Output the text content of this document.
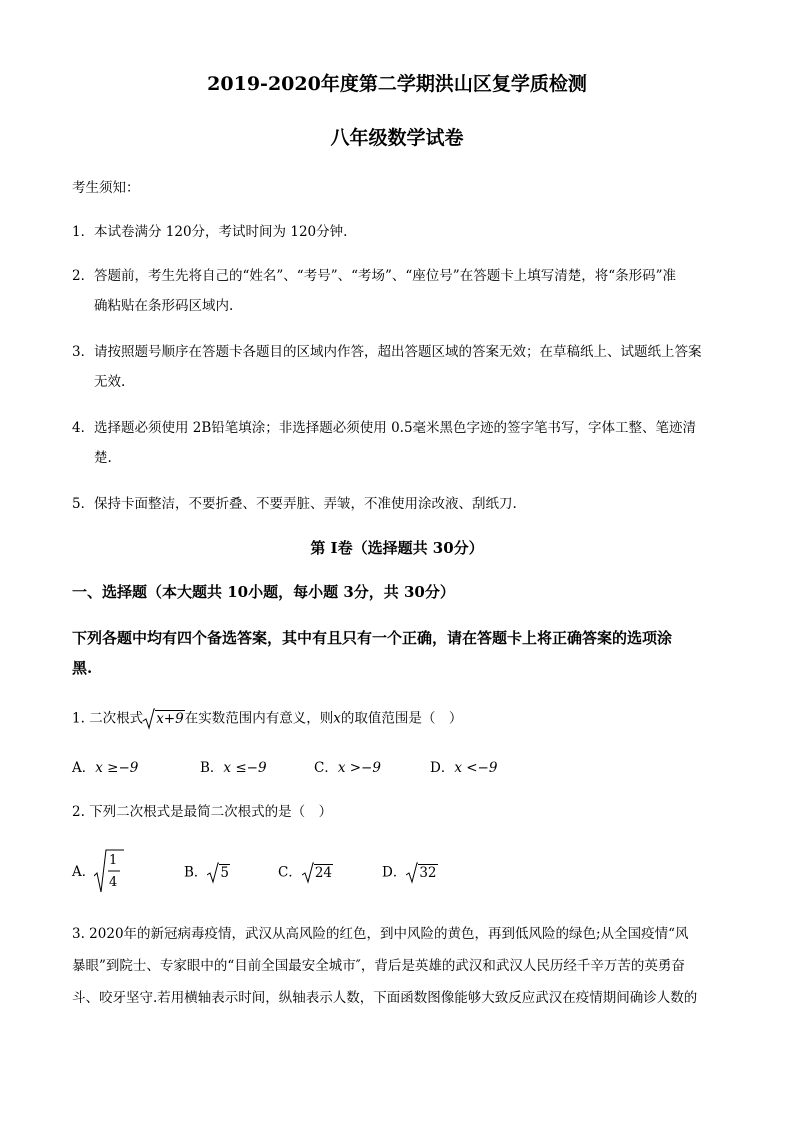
2019-2020年度第二学期洪山区复学质检测
八年级数学试卷
考生须知：
1． 本试卷满分 120分，考试时间为 120分钟.
2． 答题前，考生先将自己的“姓名”、“考号”、“考场”、“座位号”在答题卡上填写清楚，将“条形码”准
确粘贴在条形码区域内.
3． 请按照题号顺序在答题卡各题目的区域内作答，超出答题区域的答案无效；在草稿纸上、试题纸上答案
无效.
4． 选择题必须使用 2B铅笔填涂；非选择题必须使用 0.5毫米黑色字迹的签字笔书写，字体工整、笔迹清
楚.
5． 保持卡面整洁，不要折叠、不要弄脏、弄皱，不准使用涂改液、刮纸刀.
第 I卷（选择题共 30分）
一、选择题（本大题共 10小题，每小题 3分，共 30分）
下列各题中均有四个备选答案，其中有且只有一个正确，请在答题卡上将正确答案的选项涂
黑.
1. 二次根式 x+9在实数范围内有意义，则x的取值范围是（　）
A．x ≥−9	B．x ≤−9	C．x >−9	D．x <−9
2. 下列二次根式是最简二次根式的是（　）
A．
1
4
B． 5	C． 24	D． 32
3. 2020年的新冠病毒疫情，武汉从高风险的红色，到中风险的黄色，再到低风险的绿色;从全国疫情“风
暴眼”到院士、专家眼中的“目前全国最安全城市″，背后是英雄的武汉和武汉人民历经千辛万苦的英勇奋
斗、咬牙坚守.若用横轴表示时间，纵轴表示人数，下面函数图像能够大致反应武汉在疫情期间确诊人数的
